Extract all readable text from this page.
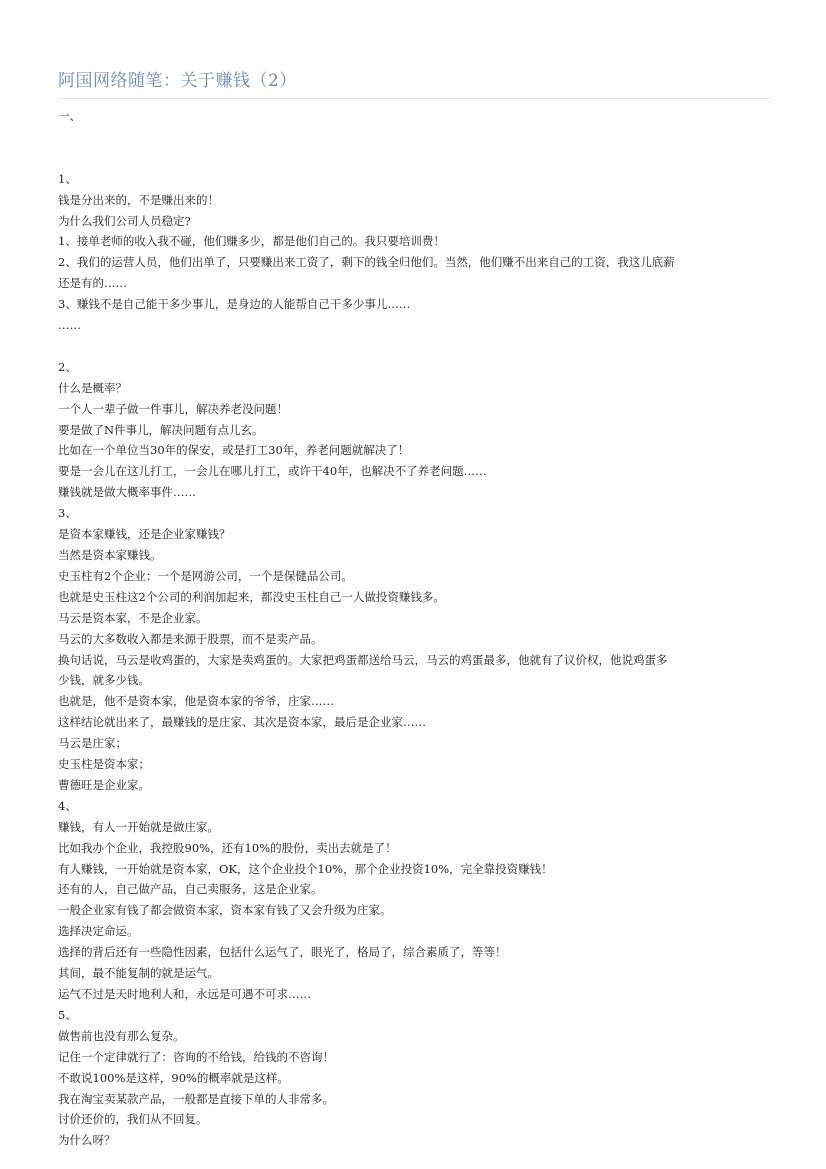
阿国网络随笔：关于赚钱（2）
一、
1、
钱是分出来的，不是赚出来的！
为什么我们公司人员稳定?
1、接单老师的收入我不碰，他们赚多少，都是他们自己的。我只要培训费！
2、我们的运营人员，他们出单了，只要赚出来工资了，剩下的钱全归他们。当然，他们赚不出来自己的工资，我这儿底薪
还是有的……
3、赚钱不是自己能干多少事儿，是身边的人能帮自己干多少事儿……
……
2、
什么是概率？
一个人一辈子做一件事儿，解决养老没问题！
要是做了N件事儿，解决问题有点儿玄。
比如在一个单位当30年的保安，或是打工30年，养老问题就解决了！
要是一会儿在这儿打工，一会儿在哪儿打工，或许干40年，也解决不了养老问题……
赚钱就是做大概率事件……
3、
是资本家赚钱，还是企业家赚钱？
当然是资本家赚钱。
史玉柱有2个企业：一个是网游公司，一个是保健品公司。
也就是史玉柱这2个公司的利润加起来，都没史玉柱自己一人做投资赚钱多。
马云是资本家，不是企业家。
马云的大多数收入都是来源于股票，而不是卖产品。
换句话说，马云是收鸡蛋的，大家是卖鸡蛋的。大家把鸡蛋都送给马云，马云的鸡蛋最多，他就有了议价权，他说鸡蛋多
少钱，就多少钱。
也就是，他不是资本家，他是资本家的爷爷，庄家……
这样结论就出来了，最赚钱的是庄家、其次是资本家，最后是企业家……
马云是庄家；
史玉柱是资本家；
曹德旺是企业家。
4、
赚钱，有人一开始就是做庄家。
比如我办个企业，我控股90%，还有10%的股份，卖出去就是了！
有人赚钱，一开始就是资本家，OK，这个企业投个10%，那个企业投资10%，完全靠投资赚钱！
还有的人，自己做产品，自己卖服务，这是企业家。
一般企业家有钱了都会做资本家，资本家有钱了又会升级为庄家。
选择决定命运。
选择的背后还有一些隐性因素，包括什么运气了，眼光了，格局了，综合素质了，等等！
其间，最不能复制的就是运气。
运气不过是天时地利人和，永远是可遇不可求……
5、
做售前也没有那么复杂。
记住一个定律就行了：咨询的不给钱，给钱的不咨询！
不敢说100%是这样，90%的概率就是这样。
我在淘宝卖某款产品，一般都是直接下单的人非常多。
讨价还价的，我们从不回复。
为什么呀？
